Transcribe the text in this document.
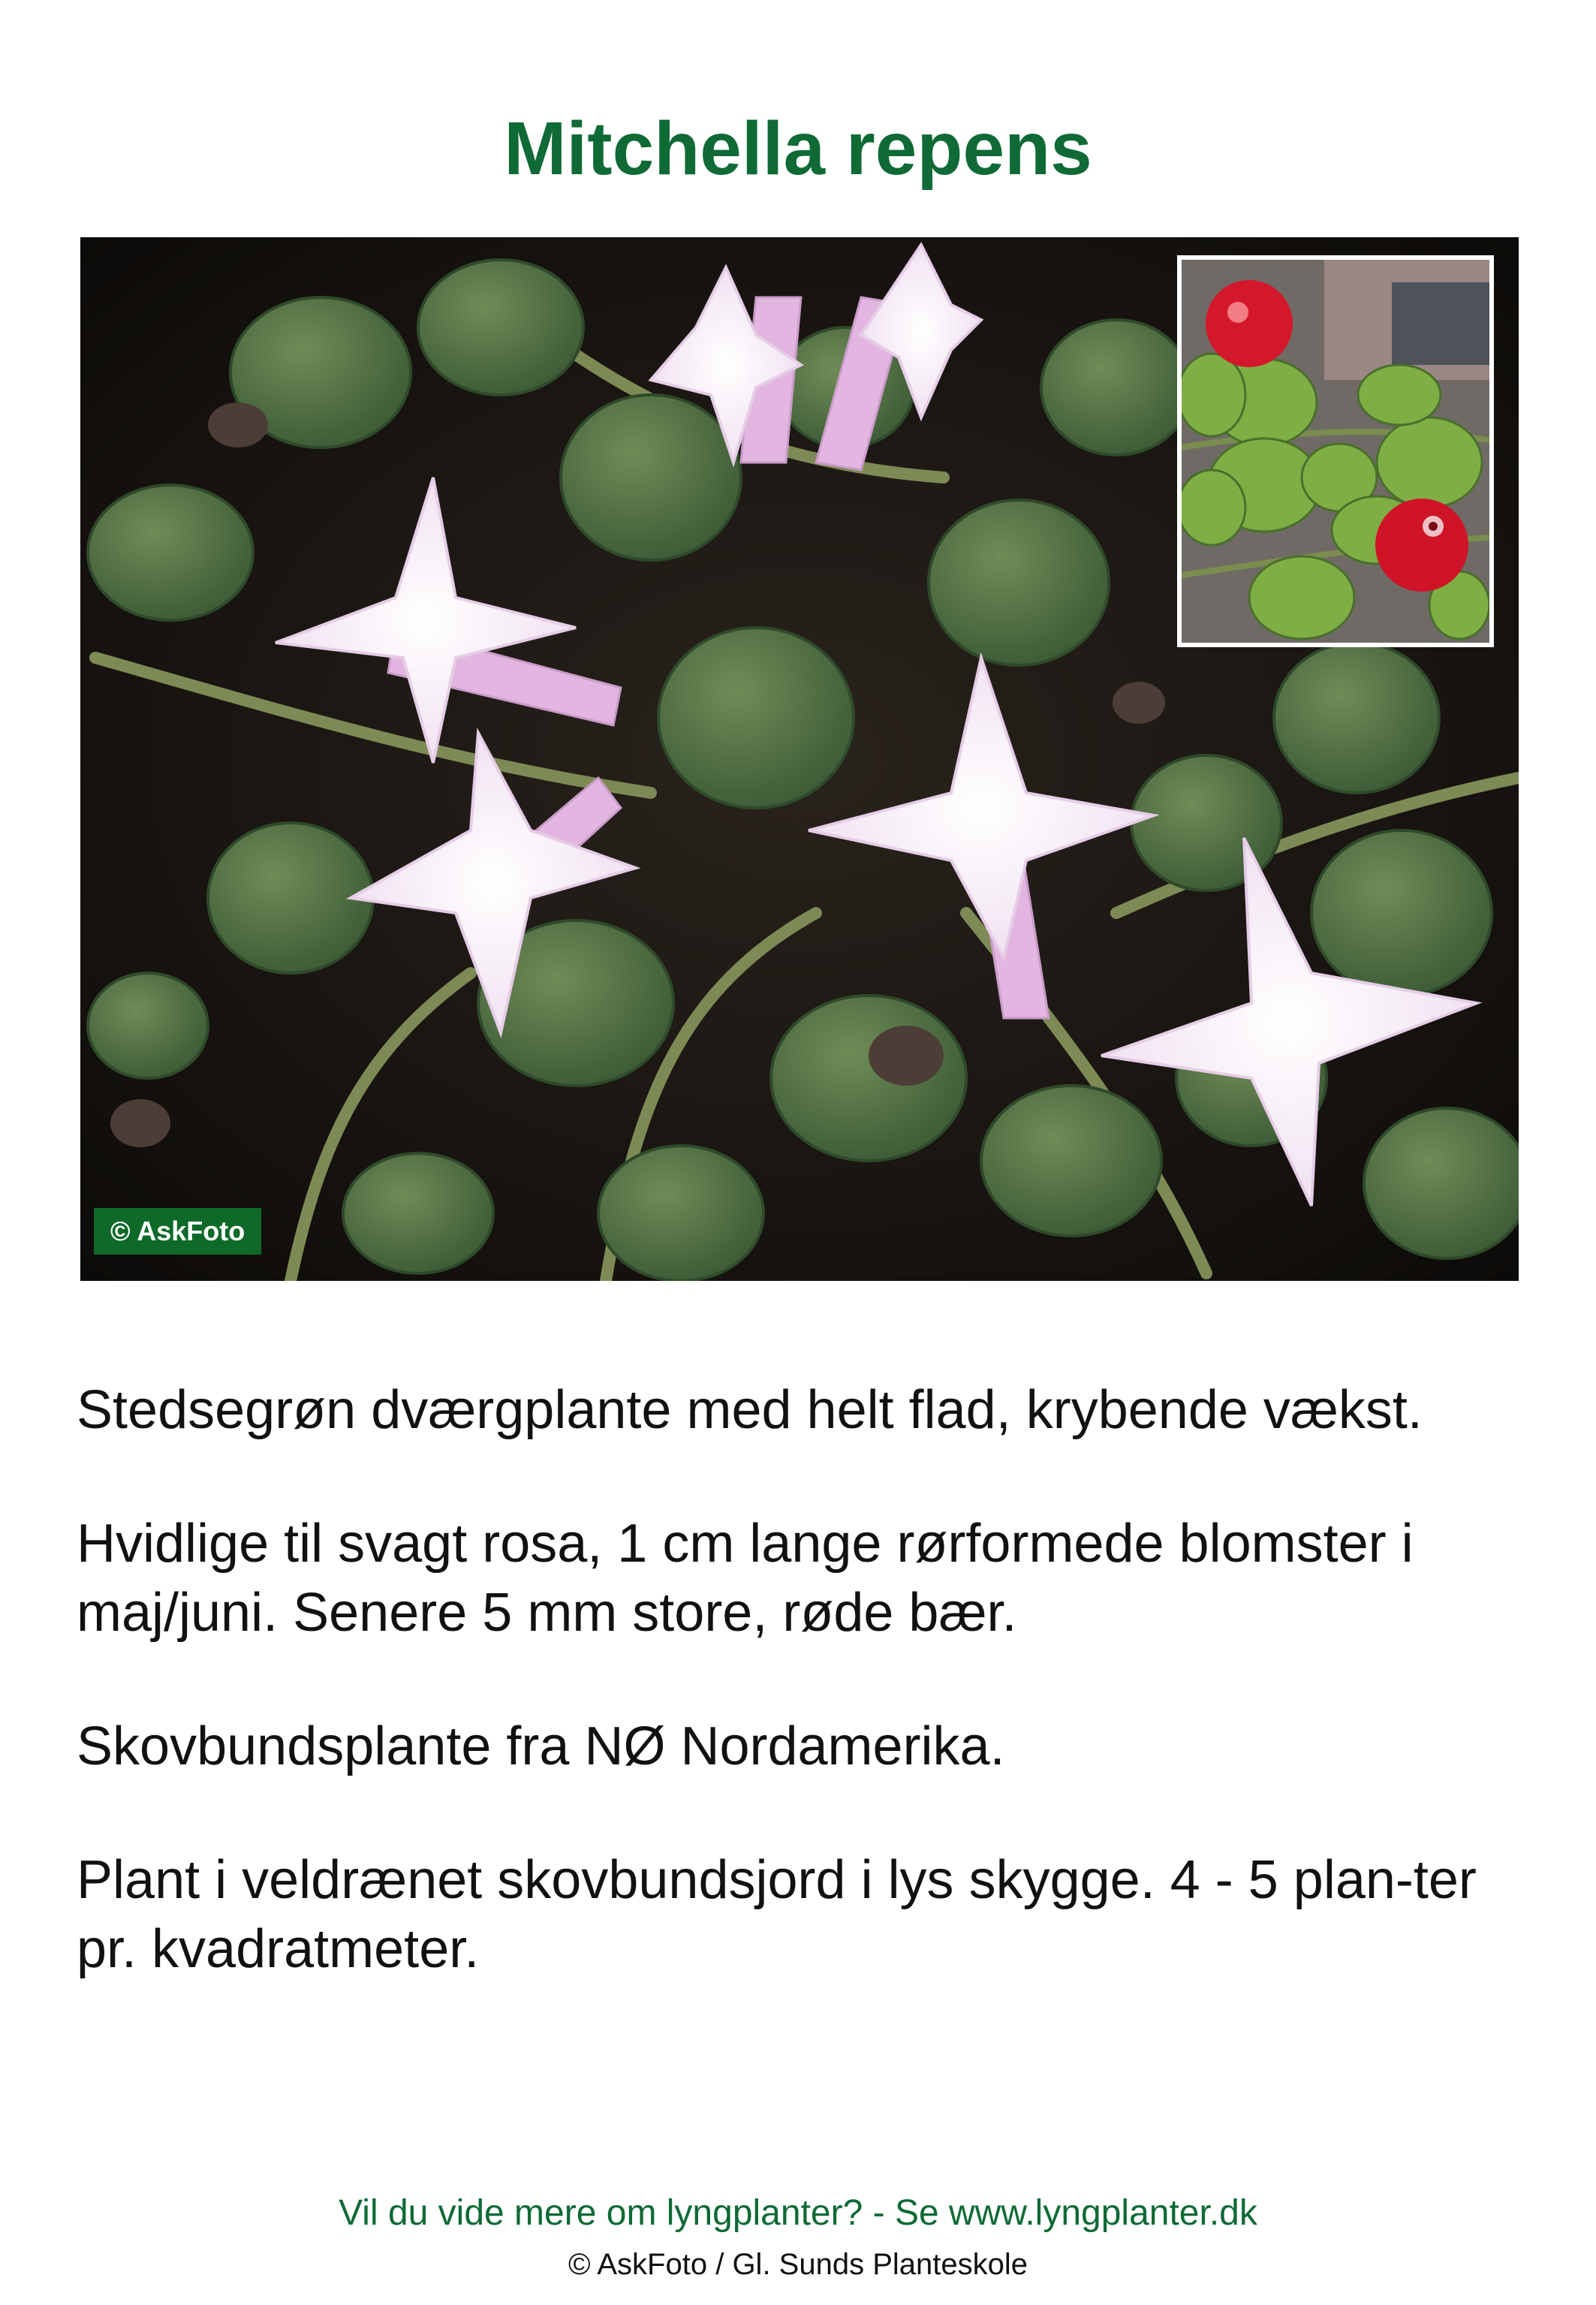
Mitchella repens
© AskFoto

Stedsegrøn dværgplante med helt flad, krybende vækst.

Hvidlige til svagt rosa, 1 cm lange rørformede blomster i maj/juni. Senere 5 mm store, røde bær.

Skovbundsplante fra NØ Nordamerika.

Plant i veldrænet skovbundsjord i lys skygge. 4 - 5 plan-ter pr. kvadratmeter.

Vil du vide mere om lyngplanter? - Se www.lyngplanter.dk
© AskFoto / Gl. Sunds Planteskole
